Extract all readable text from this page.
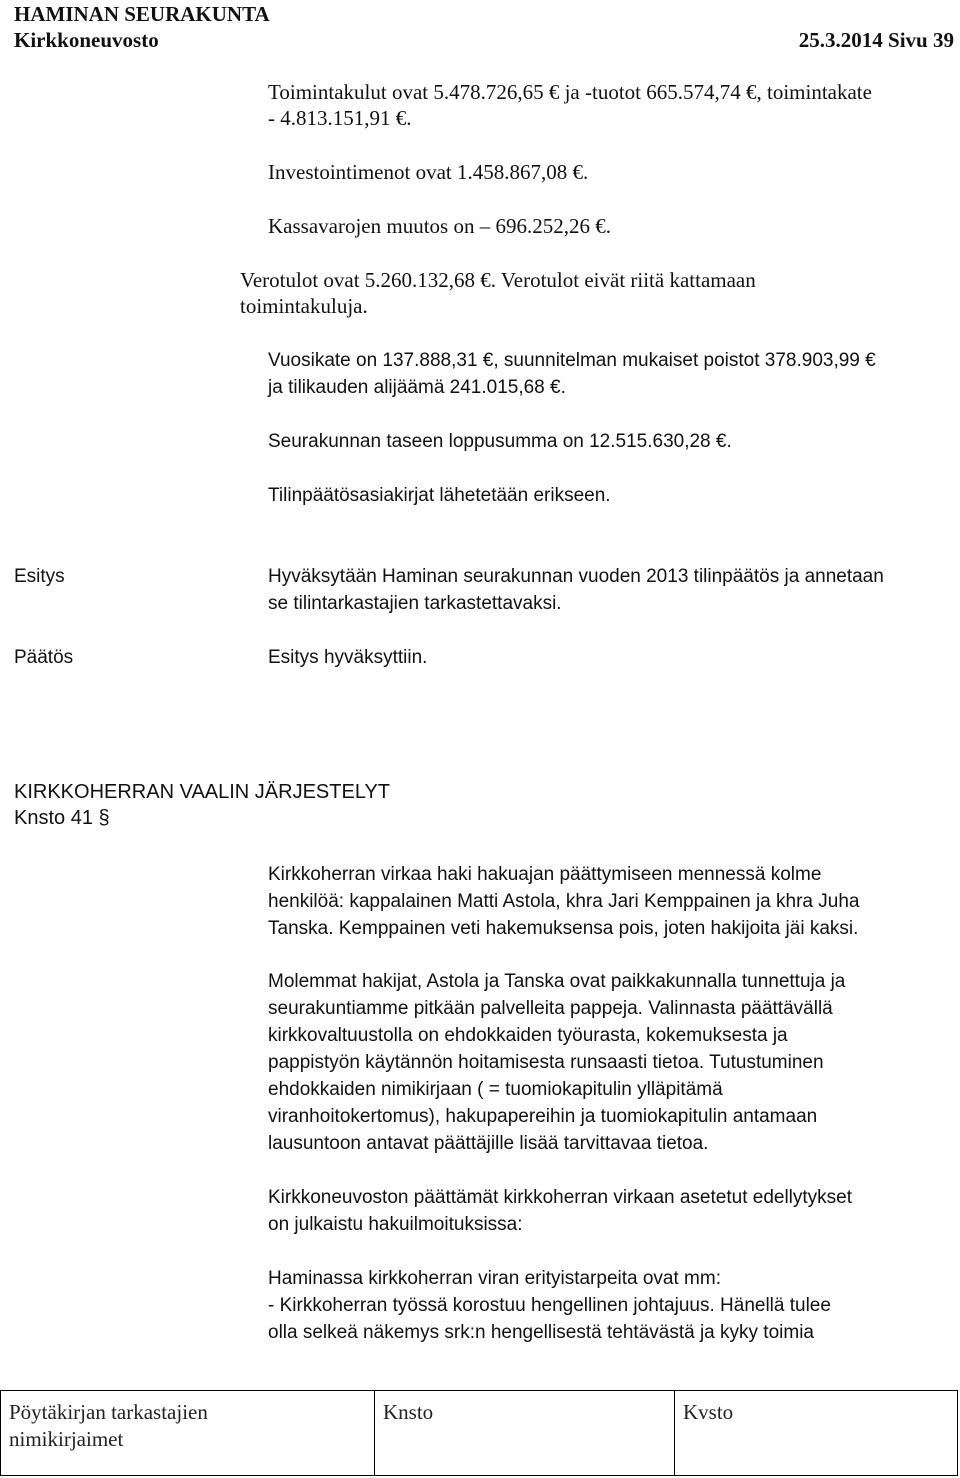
HAMINAN SEURAKUNTA
Kirkkoneuvosto	25.3.2014 Sivu 39
Toimintakulut ovat 5.478.726,65 € ja -tuotot 665.574,74 €, toimintakate
- 4.813.151,91 €.
Investointimenot ovat 1.458.867,08 €.
Kassavarojen muutos on – 696.252,26 €.
Verotulot ovat 5.260.132,68 €. Verotulot eivät riitä kattamaan
toimintakuluja.
Vuosikate on 137.888,31 €, suunnitelman mukaiset poistot 378.903,99 €
ja tilikauden alijäämä 241.015,68 €.
Seurakunnan taseen loppusumma on 12.515.630,28 €.
Tilinpäätösasiakirjat lähetetään erikseen.
Esitys	Hyväksytään Haminan seurakunnan vuoden 2013 tilinpäätös ja annetaan
se tilintarkastajien tarkastettavaksi.
Päätös	Esitys hyväksyttiin.
KIRKKOHERRAN VAALIN JÄRJESTELYT
Knsto 41 §
Kirkkoherran virkaa haki hakuajan päättymiseen mennessä kolme
henkilöä: kappalainen Matti Astola, khra Jari Kemppainen ja khra Juha
Tanska. Kemppainen veti hakemuksensa pois, joten hakijoita jäi kaksi.
Molemmat hakijat, Astola ja Tanska ovat paikkakunnalla tunnettuja ja
seurakuntiamme pitkään palvelleita pappeja. Valinnasta päättävällä
kirkkovaltuustolla on ehdokkaiden työurasta, kokemuksesta ja
pappistyön käytännön hoitamisesta runsaasti tietoa. Tutustuminen
ehdokkaiden nimikirjaan ( = tuomiokapitulin ylläpitämä
viranhoitokertomus), hakupapereihin ja tuomiokapitulin antamaan
lausuntoon antavat päättäjille lisää tarvittavaa tietoa.
Kirkkoneuvoston päättämät kirkkoherran virkaan asetetut edellytykset
on julkaistu hakuilmoituksissa:
Haminassa kirkkoherran viran erityistarpeita ovat mm:
- Kirkkoherran työssä korostuu hengellinen johtajuus. Hänellä tulee
olla selkeä näkemys srk:n hengellisestä tehtävästä ja kyky toimia
Pöytäkirjan tarkastajien
nimikirjaimet
Knsto	Kvsto
